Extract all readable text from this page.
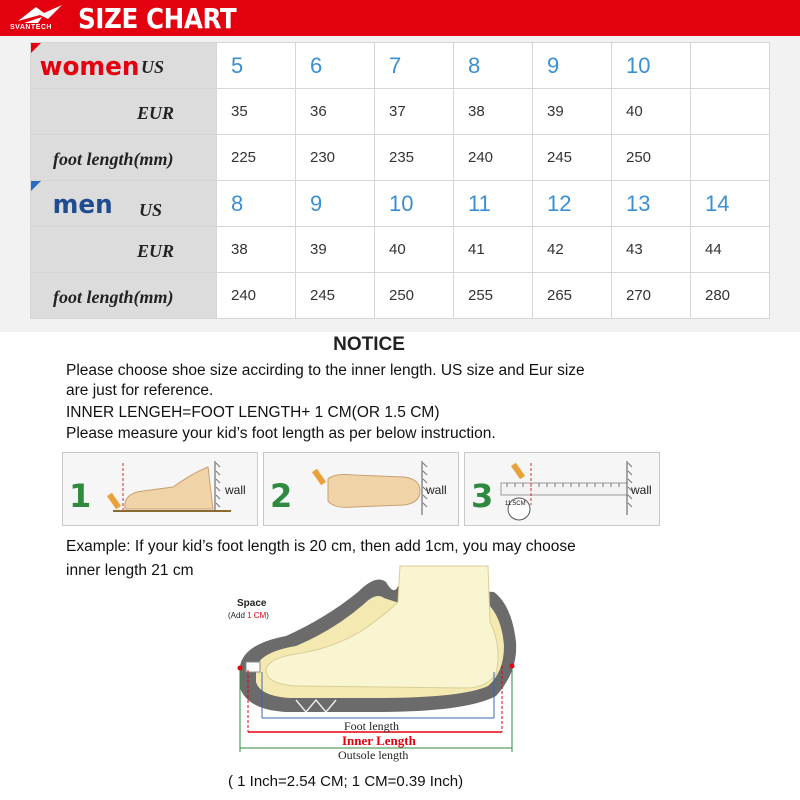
SVANTECH SIZE CHART
women US	5	6	7	8	9	10	

EUR	35	36	37	38	39	40	

foot length(mm)	225	230	235	240	245	250	

men US	8	9	10	11	12	13	14

EUR	38	39	40	41	42	43	44

foot length(mm)	240	245	250	255	265	270	280
NOTICE
Please choose shoe size accirding to the inner length. US size and Eur size
are just for reference.
INNER LENGEH=FOOT LENGTH+ 1 CM(OR 1.5 CM)
Please measure your kid’s foot length as per below instruction.
1	wall 2	wall 3 11.5CM
wall
Example: If your kid’s foot length is 20 cm, then add 1cm, you may choose
inner length 21 cm
Space
(Add 1 CM)
Foot length
Inner Length
Outsole length
( 1 Inch=2.54 CM; 1 CM=0.39 Inch)
